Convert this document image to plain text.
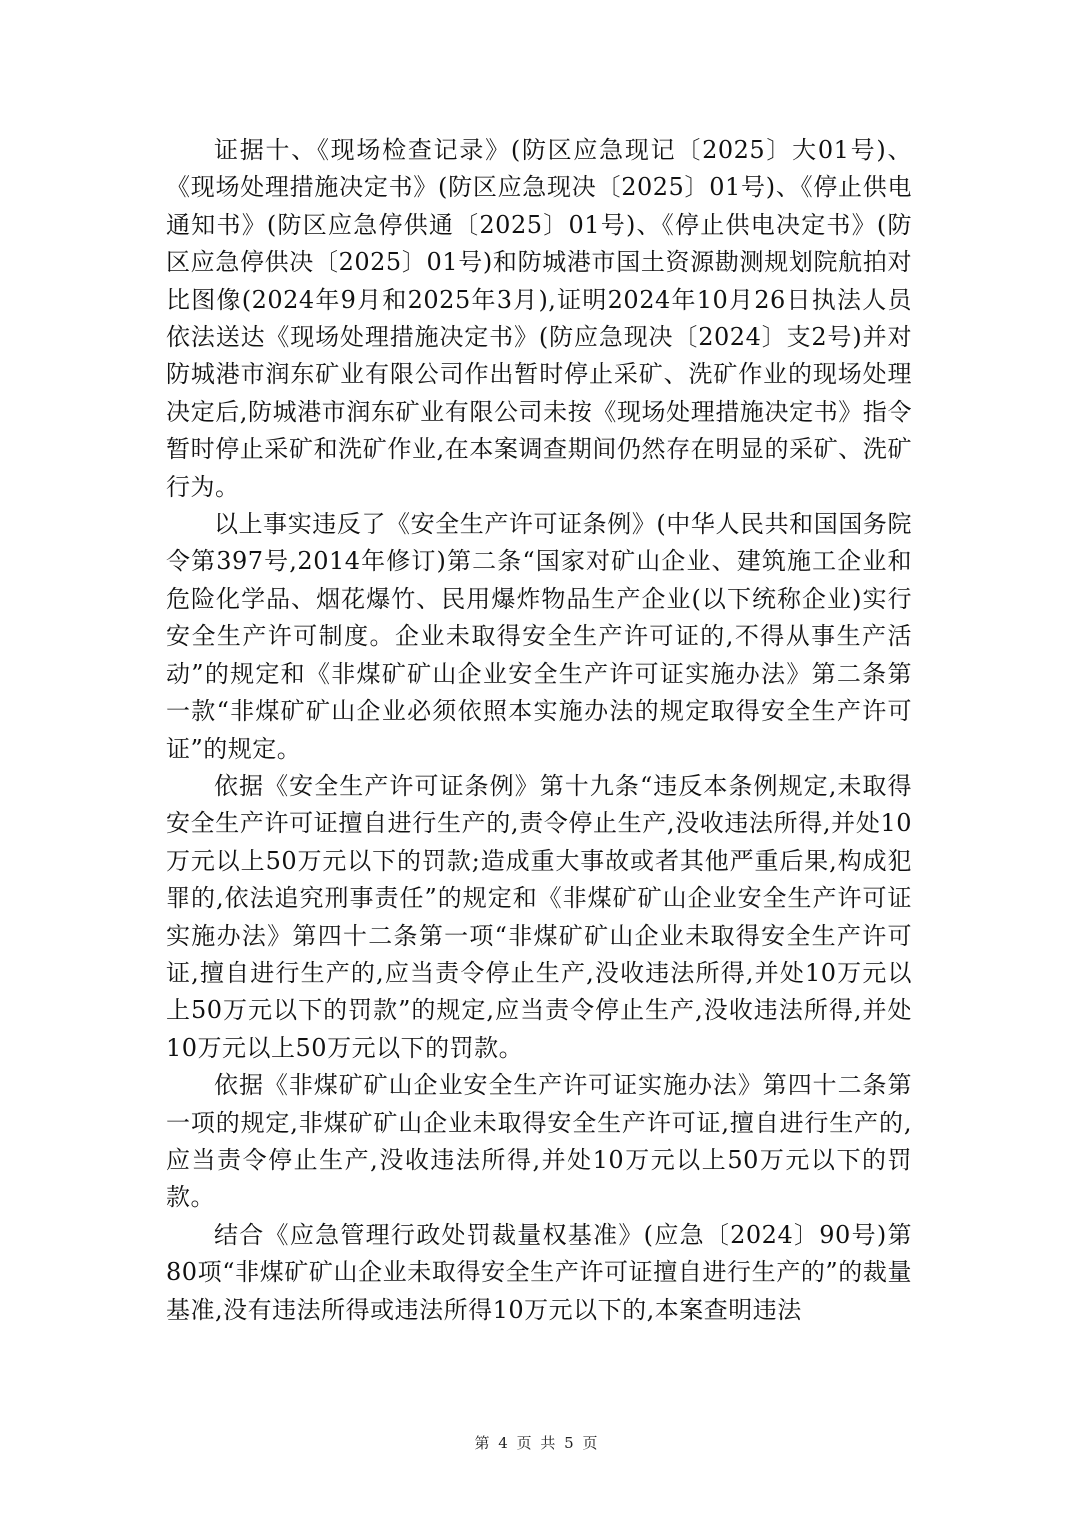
证据十、《现场检查记录》(防区应急现记〔2025〕大01号)、《现场处理措施决定书》(防区应急现决〔2025〕01号)、《停止供电通知书》(防区应急停供通〔2025〕01号)、《停止供电决定书》(防区应急停供决〔2025〕01号)和防城港市国土资源勘测规划院航拍对比图像(2024年9月和2025年3月),证明2024年10月26日执法人员依法送达《现场处理措施决定书》(防应急现决〔2024〕支2号)并对防城港市润东矿业有限公司作出暂时停止采矿、洗矿作业的现场处理决定后,防城港市润东矿业有限公司未按《现场处理措施决定书》指令暂时停止采矿和洗矿作业,在本案调查期间仍然存在明显的采矿、洗矿行为。

以上事实违反了《安全生产许可证条例》(中华人民共和国国务院令第397号,2014年修订)第二条“国家对矿山企业、建筑施工企业和危险化学品、烟花爆竹、民用爆炸物品生产企业(以下统称企业)实行安全生产许可制度。企业未取得安全生产许可证的,不得从事生产活动”的规定和《非煤矿矿山企业安全生产许可证实施办法》第二条第一款“非煤矿矿山企业必须依照本实施办法的规定取得安全生产许可证”的规定。

依据《安全生产许可证条例》第十九条“违反本条例规定,未取得安全生产许可证擅自进行生产的,责令停止生产,没收违法所得,并处10万元以上50万元以下的罚款;造成重大事故或者其他严重后果,构成犯罪的,依法追究刑事责任”的规定和《非煤矿矿山企业安全生产许可证实施办法》第四十二条第一项“非煤矿矿山企业未取得安全生产许可证,擅自进行生产的,应当责令停止生产,没收违法所得,并处10万元以上50万元以下的罚款”的规定,应当责令停止生产,没收违法所得,并处10万元以上50万元以下的罚款。

依据《非煤矿矿山企业安全生产许可证实施办法》第四十二条第一项的规定,非煤矿矿山企业未取得安全生产许可证,擅自进行生产的,应当责令停止生产,没收违法所得,并处10万元以上50万元以下的罚款。

结合《应急管理行政处罚裁量权基准》(应急〔2024〕90号)第80项“非煤矿矿山企业未取得安全生产许可证擅自进行生产的”的裁量基准,没有违法所得或违法所得10万元以下的,本案查明违法

第 4 页 共 5 页
